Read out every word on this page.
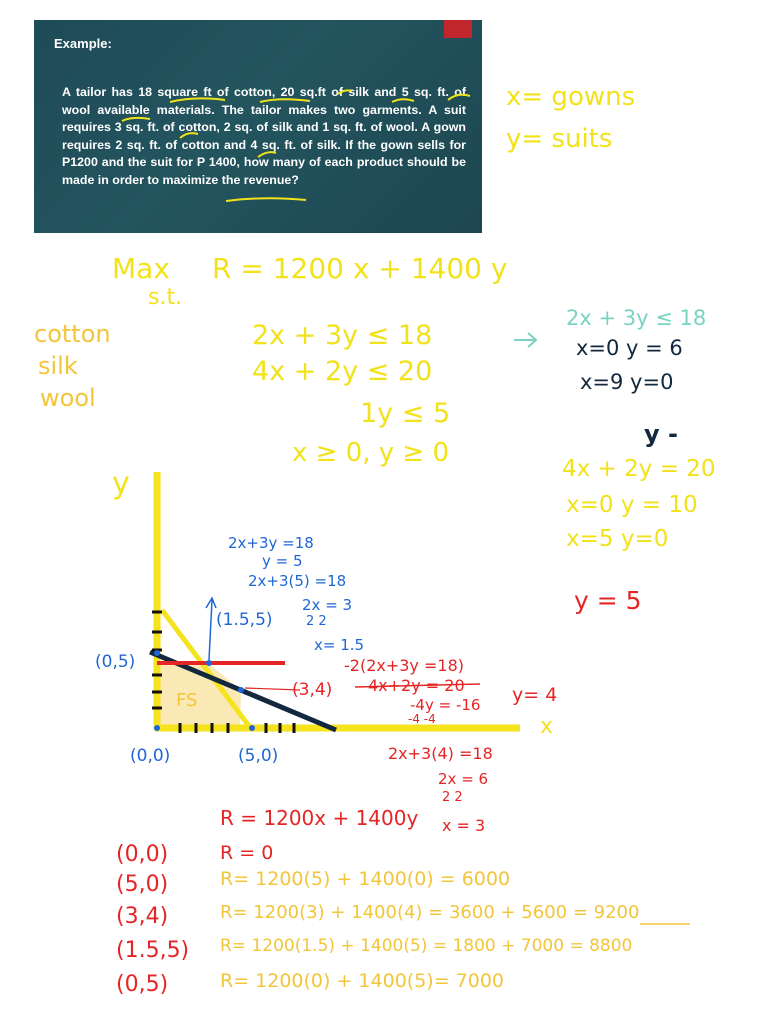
Example:
A tailor has 18 square ft of cotton, 20 sq.ft of silk and 5 sq. ft. of wool available materials. The tailor makes two garments. A suit requires 3 sq. ft. of cotton, 2 sq. of silk and 1 sq. ft. of wool. A gown requires 2 sq. ft. of cotton and 4 sq. ft. of silk. If the gown sells for P1200 and the suit for P 1400, how many of each product should be made in order to maximize the revenue?
x= gowns
y= suits
Max R = 1200 x + 1400 y
s.t.
cotton
silk
wool
2x + 3y ≤ 18
4x + 2y ≤ 20
1y ≤ 5
x ≥ 0, y ≥ 0
2x + 3y ≤ 18
x=0 y = 6
x=9 y=0
y -
4x + 2y = 20
x=0 y = 10
x=5 y=0
y = 5
y
x
FS
(0,5)
(1.5,5)
(3,4)
(0,0)	(5,0)
2x+3y =18
y = 5
2x+3(5) =18
2x = 3
2 2
x= 1.5
-2(2x+3y =18)
4x+2y = 20
-4y = -16
-4 -4
y= 4
2x+3(4) =18
2x = 6
2 2
x = 3
R = 1200x + 1400y
(0,0)	R = 0
(5,0)	R= 1200(5) + 1400(0) = 6000
(3,4)	R= 1200(3) + 1400(4) = 3600 + 5600 = 9200
(1.5,5) R= 1200(1.5) + 1400(5) = 1800 + 7000 = 8800
(0,5)	R= 1200(0) + 1400(5)= 7000
